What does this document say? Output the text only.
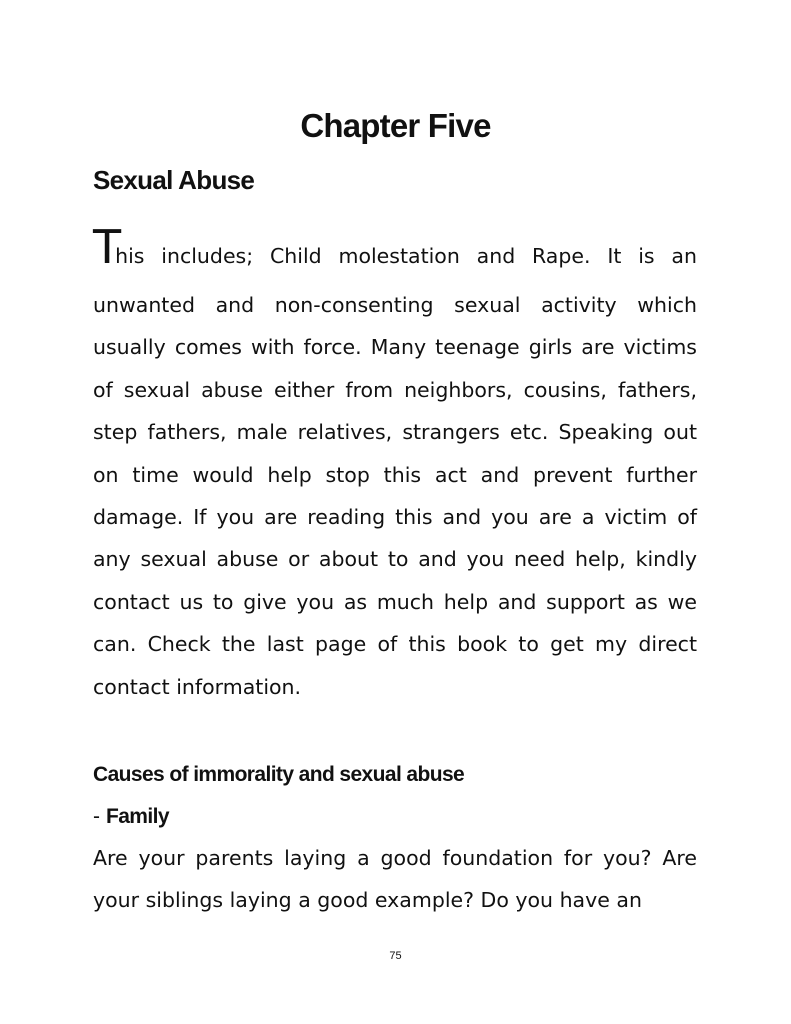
Chapter Five
Sexual Abuse
T
his includes; Child molestation and Rape. It is an

unwanted and non-consenting sexual activity which usually comes with force. Many teenage girls are victims of sexual abuse either from neighbors, cousins, fathers, step fathers, male relatives, strangers etc. Speaking out on time would help stop this act and prevent further damage. If you are reading this and you are a victim of any sexual abuse or about to and you need help, kindly contact us to give you as much help and support as we can. Check the last page of this book to get my direct contact information.

Causes of immorality and sexual abuse
- Family

Are your parents laying a good foundation for you? Are your siblings laying a good example? Do you have an

75
